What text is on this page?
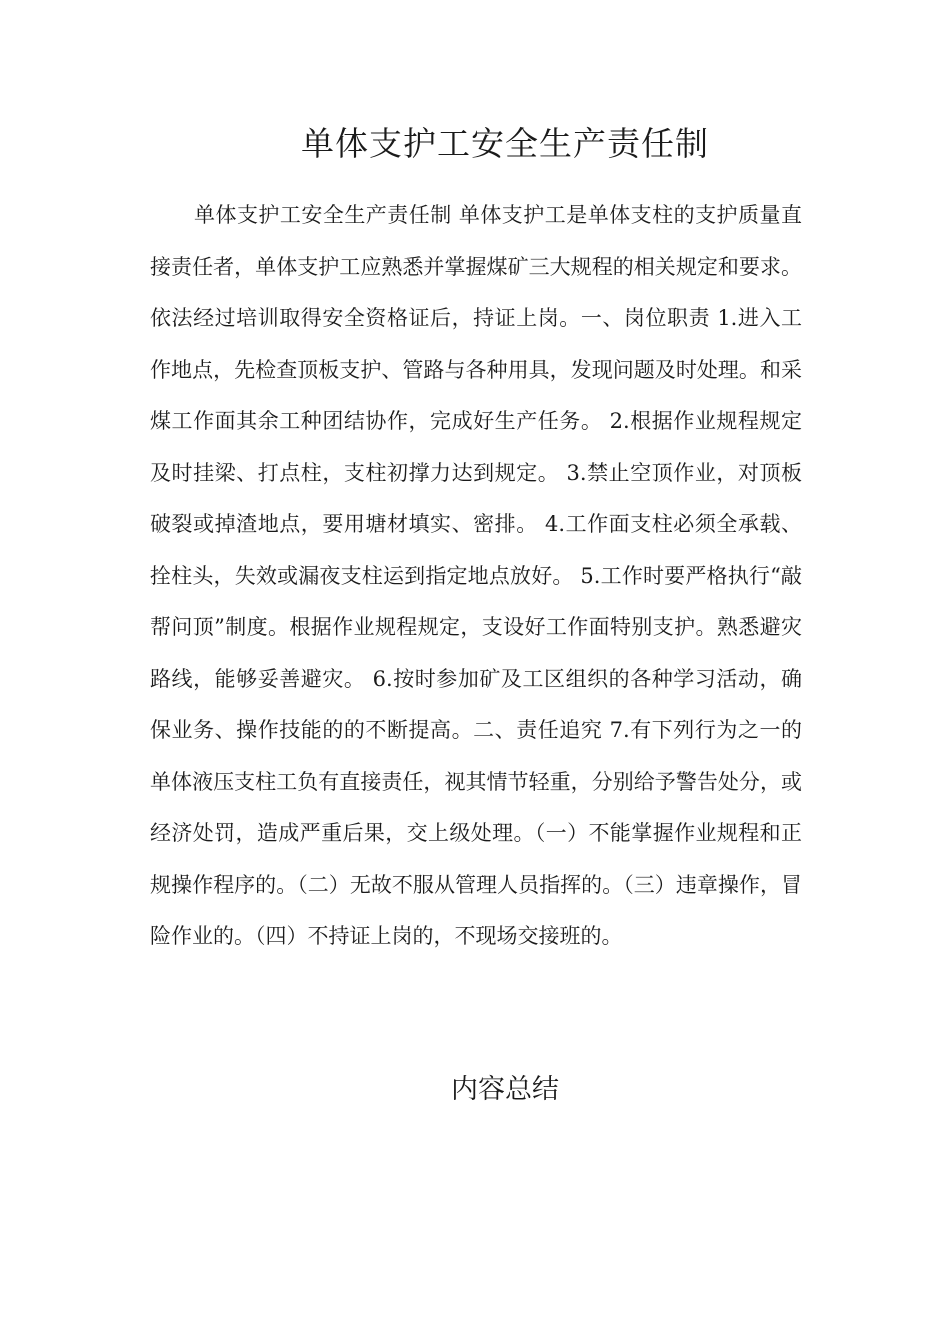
单体支护工安全生产责任制

单体支护工安全生产责任制 单体支护工是单体支柱的支护质量直接责任者，单体支护工应熟悉并掌握煤矿三大规程的相关规定和要求。依法经过培训取得安全资格证后，持证上岗。一、岗位职责 1.进入工作地点，先检查顶板支护、管路与各种用具，发现问题及时处理。和采煤工作面其余工种团结协作，完成好生产任务。 2.根据作业规程规定及时挂梁、打点柱，支柱初撑力达到规定。 3.禁止空顶作业，对顶板破裂或掉渣地点，要用塘材填实、密排。 4.工作面支柱必须全承载、拴柱头，失效或漏夜支柱运到指定地点放好。 5.工作时要严格执行“敲帮问顶”制度。根据作业规程规定，支设好工作面特别支护。熟悉避灾路线，能够妥善避灾。 6.按时参加矿及工区组织的各种学习活动，确保业务、操作技能的的不断提高。二、责任追究 7.有下列行为之一的单体液压支柱工负有直接责任，视其情节轻重，分别给予警告处分，或经济处罚，造成严重后果，交上级处理。（一）不能掌握作业规程和正规操作程序的。（二）无故不服从管理人员指挥的。（三）违章操作，冒险作业的。（四）不持证上岗的，不现场交接班的。

内容总结
